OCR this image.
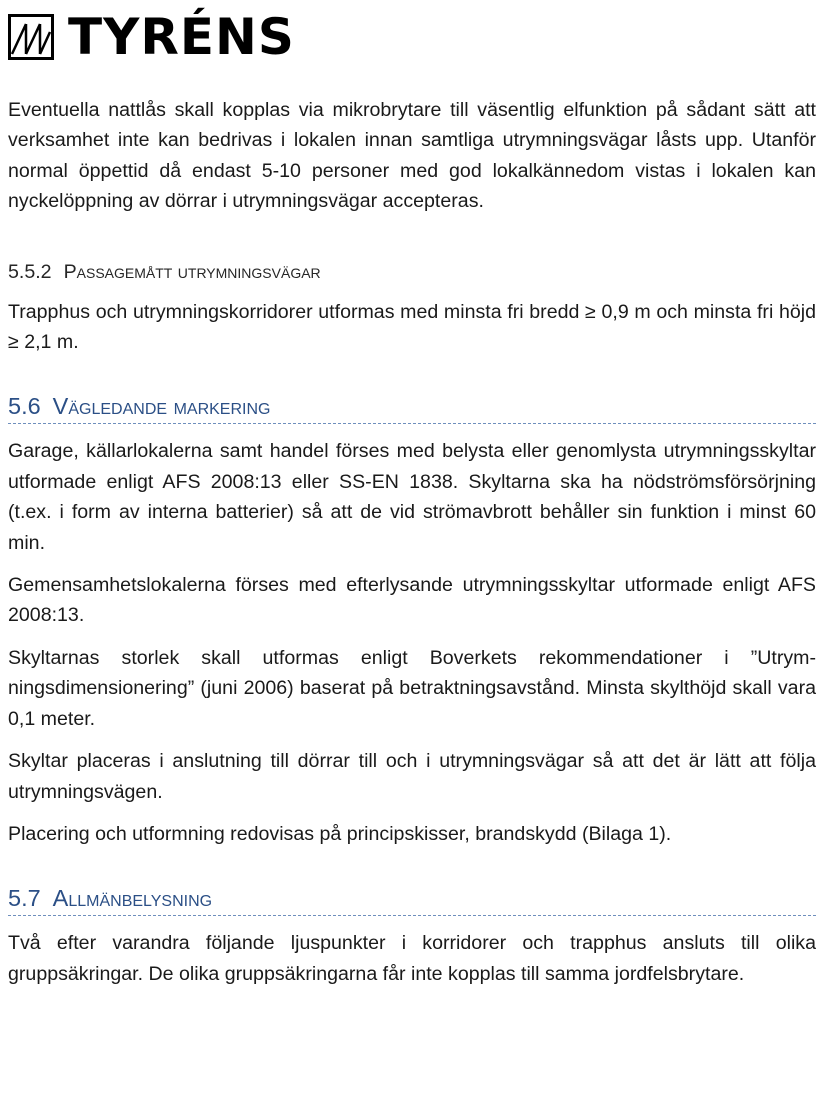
TYRÉNS

Eventuella nattlås skall kopplas via mikrobrytare till väsentlig elfunktion på sådant sätt att verksamhet inte kan bedrivas i lokalen innan samtliga utrymningsvägar låsts upp. Utanför normal öppettid då endast 5-10 personer med god lokalkännedom vistas i lokalen kan nyckelöppning av dörrar i utrymningsvägar accepteras.

5.5.2 Passagemått utrymningsvägar

Trapphus och utrymningskorridorer utformas med minsta fri bredd ≥ 0,9 m och minsta fri höjd ≥ 2,1 m.

5.6 Vägledande markering

Garage, källarlokalerna samt handel förses med belysta eller genomlysta utrymningsskyltar utformade enligt AFS 2008:13 eller SS-EN 1838. Skyltarna ska ha nödströmsförsörjning (t.ex. i form av interna batterier) så att de vid strömavbrott behåller sin funktion i minst 60 min.

Gemensamhetslokalerna förses med efterlysande utrymningsskyltar utformade enligt AFS 2008:13.

Skyltarnas storlek skall utformas enligt Boverkets rekommendationer i ”Utrymningsdimensionering” (juni 2006) baserat på betraktningsavstånd. Minsta skylthöjd skall vara 0,1 meter.

Skyltar placeras i anslutning till dörrar till och i utrymningsvägar så att det är lätt att följa utrymningsvägen.

Placering och utformning redovisas på principskisser, brandskydd (Bilaga 1).

5.7 Allmänbelysning

Två efter varandra följande ljuspunkter i korridorer och trapphus ansluts till olika gruppsäkringar. De olika gruppsäkringarna får inte kopplas till samma jordfelsbrytare.
